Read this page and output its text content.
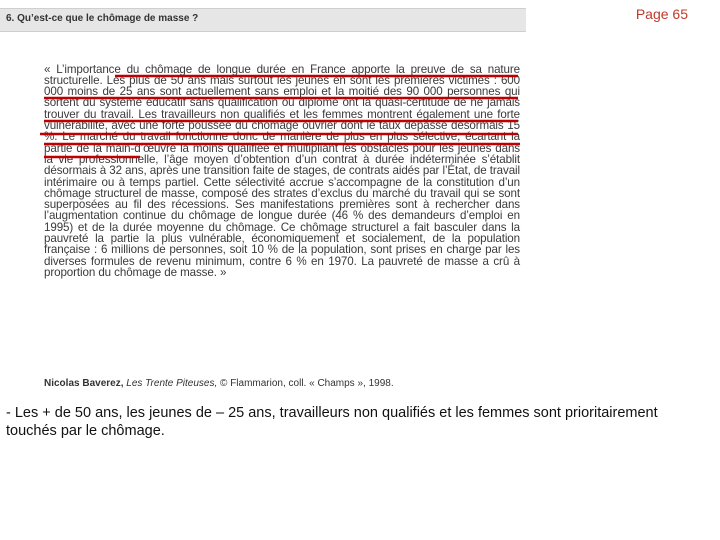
Page 65
6. Qu’est-ce que le chômage de masse ?

« L’importance du chômage de longue durée en France apporte la preuve de sa nature structurelle. Les plus de 50 ans mais surtout les jeunes en sont les premières victimes : 600 000 moins de 25 ans sont actuellement sans emploi et la moitié des 90 000 personnes qui sortent du système éducatif sans qualification ou diplôme ont la quasi-certitude de ne jamais trouver du travail. Les travailleurs non qualifiés et les femmes montrent également une forte vulnérabilité, avec une forte poussée du chômage ouvrier dont le taux dépasse désormais 15 %. Le marché du travail fonctionne donc de manière de plus en plus sélective, écartant la partie de la main-d’œuvre la moins qualifiée et multipliant les obstacles pour les jeunes dans la vie professionnelle, l’âge moyen d’obtention d’un contrat à durée indéterminée s’établit désormais à 32 ans, après une transition faite de stages, de contrats aidés par l’État, de travail intérimaire ou à temps partiel. Cette sélectivité accrue s’accompagne de la constitution d’un chômage structurel de masse, composé des strates d’exclus du marché du travail qui se sont superposées au fil des récessions. Ses manifestations premières sont à rechercher dans l’augmentation continue du chômage de longue durée (46 % des demandeurs d’emploi en 1995) et de la durée moyenne du chômage. Ce chômage structurel a fait basculer dans la pauvreté la partie la plus vulnérable, économiquement et socialement, de la population française : 6 millions de personnes, soit 10 % de la population, sont prises en charge par les diverses formules de revenu minimum, contre 6 % en 1970. La pauvreté de masse a crû à proportion du chômage de masse. »

Nicolas Baverez, Les Trente Piteuses, © Flammarion, coll. « Champs », 1998.
- Les + de 50 ans, les jeunes de – 25 ans, travailleurs non qualifiés et les femmes sont prioritairement touchés par le chômage.
